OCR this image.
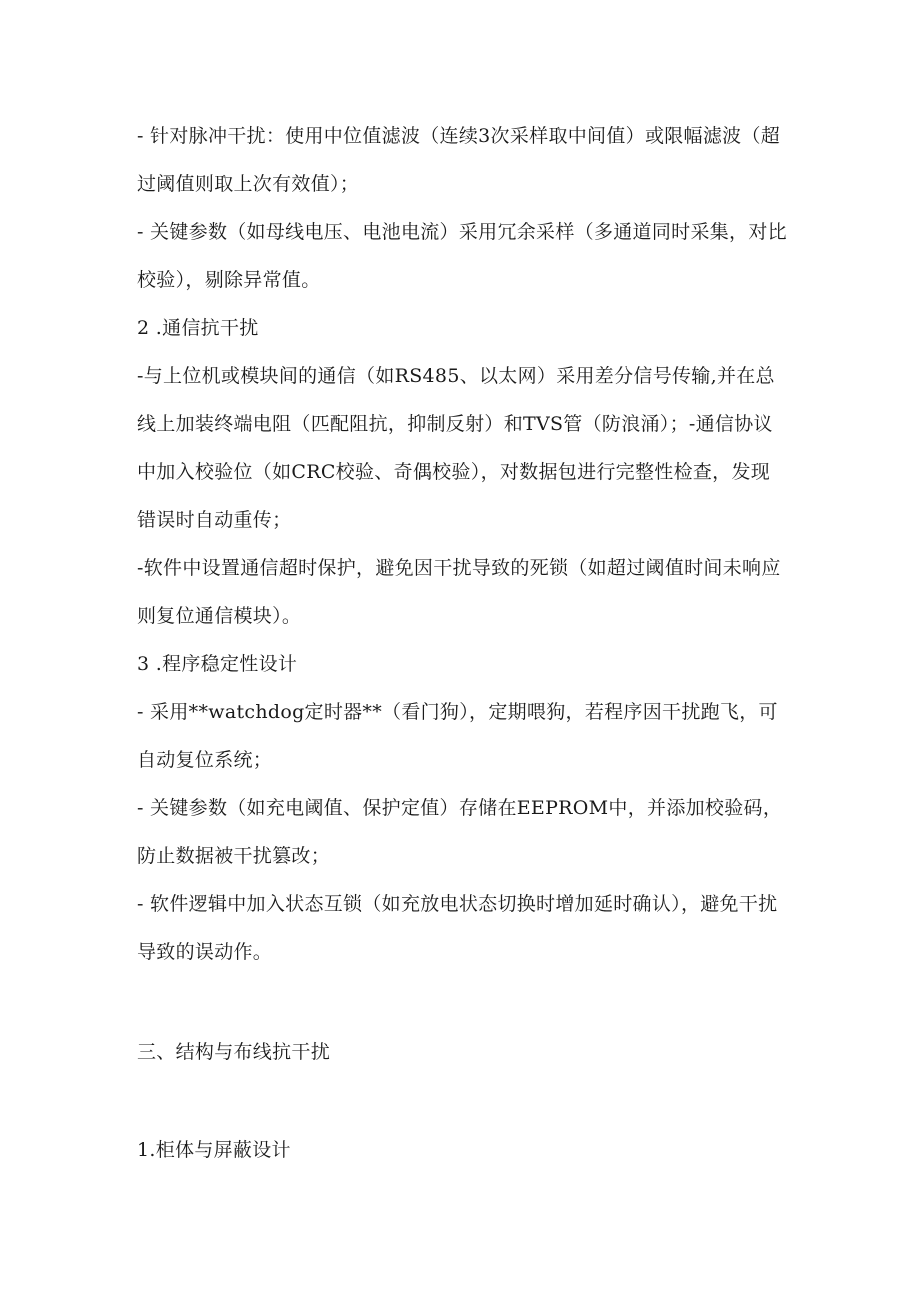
- 针对脉冲干扰：使用中位值滤波（连续3次采样取中间值）或限幅滤波（超过阈值则取上次有效值）；

- 关键参数（如母线电压、电池电流）采用冗余采样（多通道同时采集，对比校验），剔除异常值。

2 .通信抗干扰

-与上位机或模块间的通信（如RS485、以太网）采用差分信号传输,并在总线上加装终端电阻（匹配阻抗，抑制反射）和TVS管（防浪涌）；-通信协议中加入校验位（如CRC校验、奇偶校验），对数据包进行完整性检查，发现错误时自动重传；

-软件中设置通信超时保护，避免因干扰导致的死锁（如超过阈值时间未响应则复位通信模块）。

3 .程序稳定性设计

- 采用**watchdog定时器**（看门狗），定期喂狗，若程序因干扰跑飞，可自动复位系统；

- 关键参数（如充电阈值、保护定值）存储在EEPROM中，并添加校验码，防止数据被干扰篡改；

- 软件逻辑中加入状态互锁（如充放电状态切换时增加延时确认），避免干扰导致的误动作。

三、结构与布线抗干扰

1.柜体与屏蔽设计
